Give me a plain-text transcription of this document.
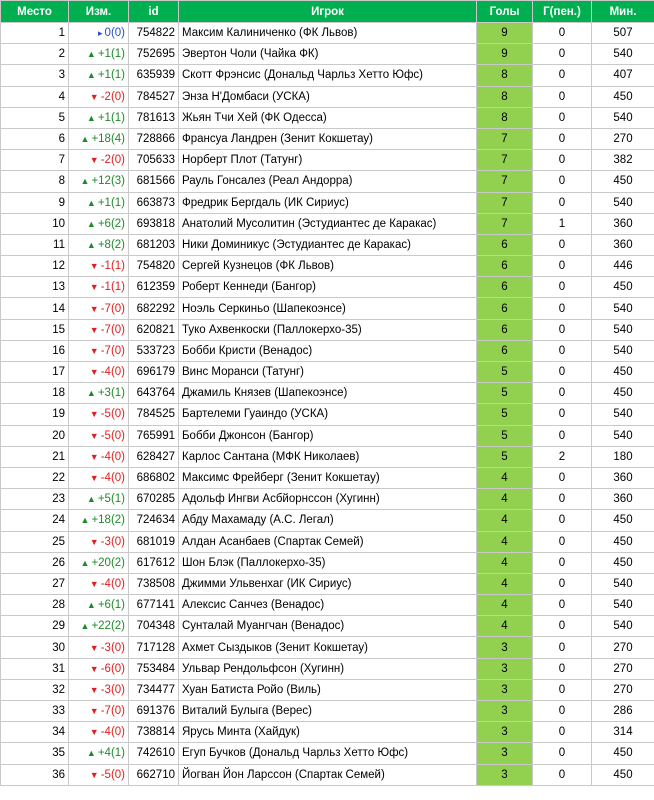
Место	Изм.	id	Игрок	Голы	Г(пен.)	Мин.
1	▸ 0(0)	754822	Максим Калиниченко (ФК Львов)	9	0	507
2	▲ +1(1)	752695	Эвертон Чоли (Чайка ФК)	9	0	540
3	▲ +1(1)	635939	Скотт Фрэнсис (Дональд Чарльз Хеттo Юфс)	8	0	407
4	▼ -2(0)	784527	Энза Н'Домбаси (УСКА)	8	0	450
5	▲ +1(1)	781613	Жьян Тчи Хей (ФК Одесса)	8	0	540
6	▲ +18(4)	728866	Франсуа Ландрен (Зенит Кокшетау)	7	0	270
7	▼ -2(0)	705633	Норберт Плот (Татунг)	7	0	382
8	▲ +12(3)	681566	Рауль Гонсалез (Реал Андорра)	7	0	450
9	▲ +1(1)	663873	Фредрик Бергдаль (ИК Сириус)	7	0	540
10	▲ +6(2)	693818	Анатолий Мусолитин (Эстудиантес де Каракас)	7	1	360
11	▲ +8(2)	681203	Ники Доминикус (Эстудиантес де Каракас)	6	0	360
12	▼ -1(1)	754820	Сергей Кузнецов (ФК Львов)	6	0	446
13	▼ -1(1)	612359	Роберт Кеннеди (Бангор)	6	0	450
14	▼ -7(0)	682292	Ноэль Серкиньо (Шапекоэнсе)	6	0	540
15	▼ -7(0)	620821	Туко Ахвенкоски (Паллокерхо-35)	6	0	540
16	▼ -7(0)	533723	Бобби Кристи (Венадос)	6	0	540
17	▼ -4(0)	696179	Винс Моранси (Татунг)	5	0	450
18	▲ +3(1)	643764	Джамиль Князев (Шапекоэнсе)	5	0	450
19	▼ -5(0)	784525	Бартелеми Гуаиндо (УСКА)	5	0	540
20	▼ -5(0)	765991	Бобби Джонсон (Бангор)	5	0	540
21	▼ -4(0)	628427	Карлос Сантана (МФК Николаев)	5	2	180
22	▼ -4(0)	686802	Максимс Фрейберг (Зенит Кокшетау)	4	0	360
23	▲ +5(1)	670285	Адольф Ингви Асбйорнссон (Хугинн)	4	0	360
24	▲ +18(2)	724634	Абду Махамаду (А.С. Легал)	4	0	450
25	▼ -3(0)	681019	Алдан Асанбаев (Спартак Семей)	4	0	450
26	▲ +20(2)	617612	Шон Блэк (Паллокерхо-35)	4	0	450
27	▼ -4(0)	738508	Джимми Ульвенхаг (ИК Сириус)	4	0	540
28	▲ +6(1)	677141	Алексис Санчез (Венадос)	4	0	540
29	▲ +22(2)	704348	Сунталай Муангчан (Венадос)	4	0	540
30	▼ -3(0)	717128	Ахмет Сыздыков (Зенит Кокшетау)	3	0	270
31	▼ -6(0)	753484	Ульвар Рендольфсон (Хугинн)	3	0	270
32	▼ -3(0)	734477	Хуан Батиста Ройо (Виль)	3	0	270
33	▼ -7(0)	691376	Виталий Булыга (Верес)	3	0	286
34	▼ -4(0)	738814	Ярусь Минта (Хайдук)	3	0	314
35	▲ +4(1)	742610	Егуп Бучков (Дональд Чарльз Хеттo Юфс)	3	0	450
36	▼ -5(0)	662710	Йогван Йон Ларссон (Спартак Семей)	3	0	450
